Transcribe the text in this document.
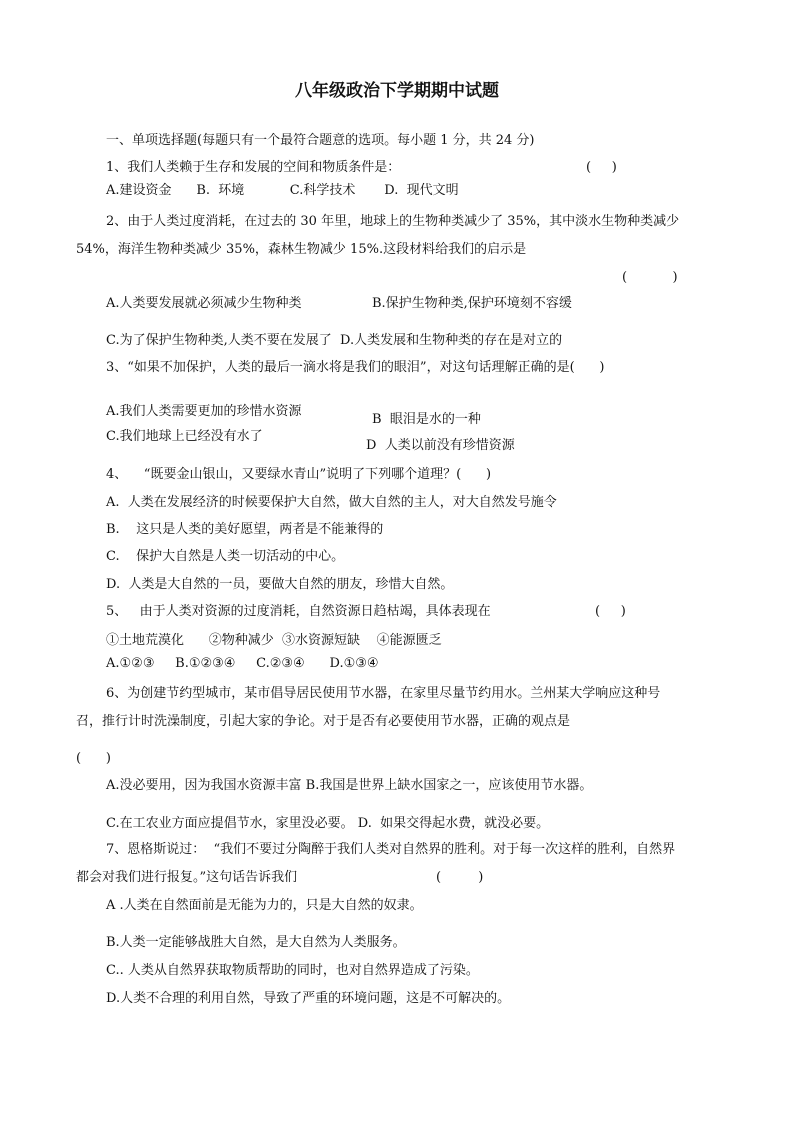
八年级政治下学期期中试题
一、单项选择题(每题只有一个最符合题意的选项。每小题 1 分，共 24 分)
1、我们人类赖于生存和发展的空间和物质条件是：	(     )
A.建设资金      B.  环境           C.科学技术       D.  现代文明
2、由于人类过度消耗，在过去的 30 年里，地球上的生物种类减少了 35%，其中淡水生物种类减少
54%，海洋生物种类减少 35%，森林生物减少 15%.这段材料给我们的启示是
(           )
A.人类要发展就必须减少生物种类	B.保护生物种类,保护环境刻不容缓
C.为了保护生物种类,人类不要在发展了  D.人类发展和生物种类的存在是对立的
3、“如果不加保护，人类的最后一滴水将是我们的眼泪”，对这句话理解正确的是(      )
A.我们人类需要更加的珍惜水资源
B  眼泪是水的一种
C.我们地球上已经没有水了
D  人类以前没有珍惜资源
4、    “既要金山银山，又要绿水青山”说明了下列哪个道理？(      )
A.  人类在发展经济的时候要保护大自然，做大自然的主人，对大自然发号施令
B.    这只是人类的美好愿望，两者是不能兼得的
C.    保护大自然是人类一切活动的中心。
D.  人类是大自然的一员，要做大自然的朋友，珍惜大自然。
5、   由于人类对资源的过度消耗，自然资源日趋枯竭，具体表现在	(     )
①土地荒漠化      ②物种减少  ③水资源短缺    ④能源匮乏
A.①②③     B.①②③④     C.②③④      D.①③④
6、为创建节约型城市，某市倡导居民使用节水器，在家里尽量节约用水。兰州某大学响应这种号
召，推行计时洗澡制度，引起大家的争论。对于是否有必要使用节水器，正确的观点是
(      )
A.没必要用，因为我国水资源丰富 B.我国是世界上缺水国家之一，应该使用节水器。
C.在工农业方面应提倡节水，家里没必要。 D.  如果交得起水费，就没必要。
7、恩格斯说过：  “我们不要过分陶醉于我们人类对自然界的胜利。对于每一次这样的胜利，自然界
都会对我们进行报复。”这句话告诉我们	(         )
A .人类在自然面前是无能为力的，只是大自然的奴隶。
B.人类一定能够战胜大自然，是大自然为人类服务。
C.. 人类从自然界获取物质帮助的同时，也对自然界造成了污染。
D.人类不合理的利用自然，导致了严重的环境问题，这是不可解决的。
